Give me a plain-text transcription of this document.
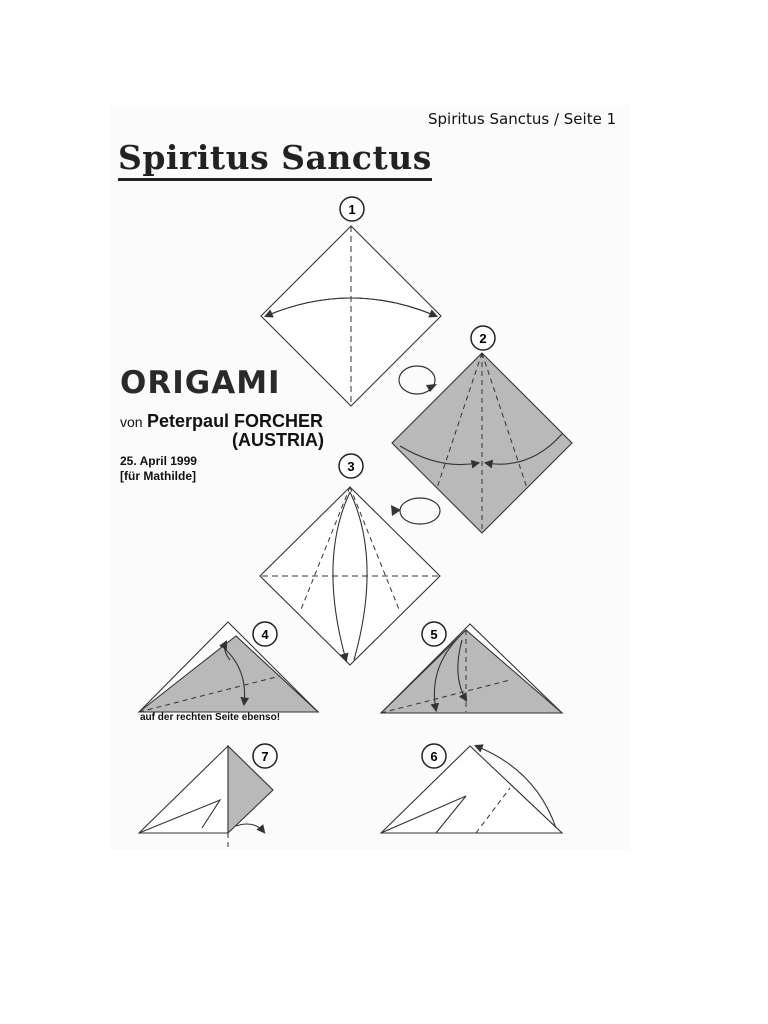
Spiritus Sanctus / Seite 1
Spiritus Sanctus
ORIGAMI
von Peterpaul FORCHER
(AUSTRIA)
25. April 1999
[für Mathilde]
auf der rechten Seite ebenso!
1
2
3
4	5
7	6
